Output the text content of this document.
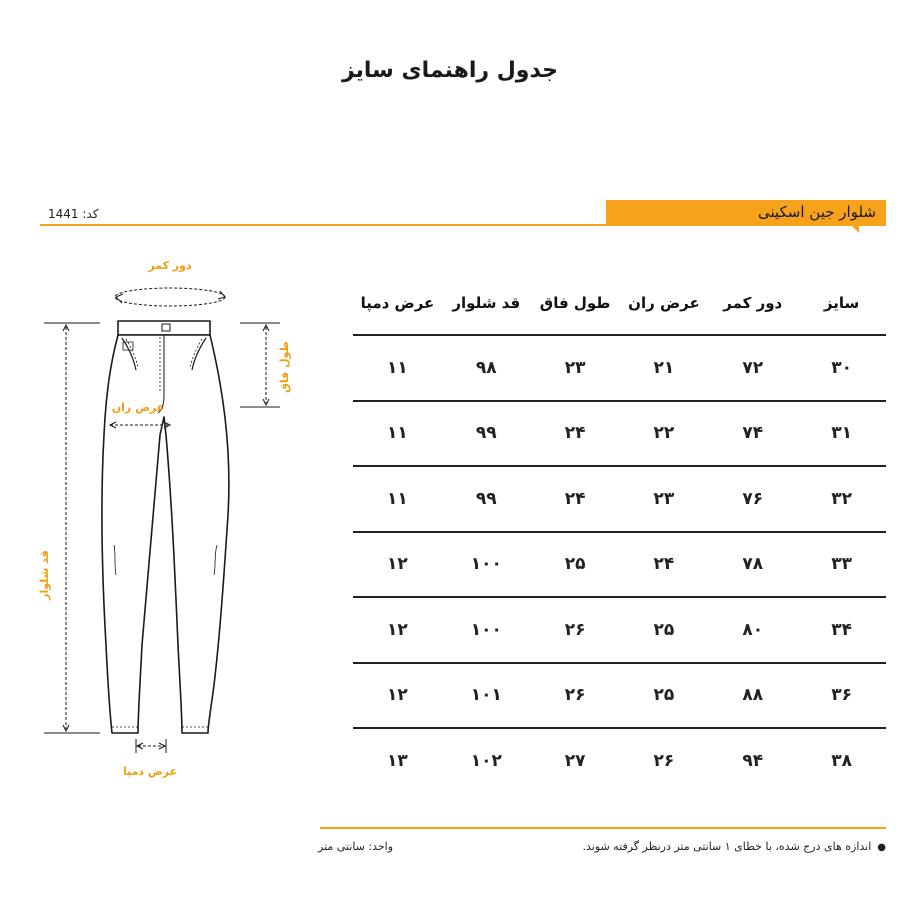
جدول راهنمای سایز
کد: 1441	شلوار جین اسکینی
دور کمر
طول فاق
عرض ران
قد شلوار
عرض دمپا
سایز	دور کمر	عرض ران	طول فاق	قد شلوار	عرض دمپا
۳۰	۷۲	۲۱	۲۳	۹۸	۱۱
۳۱	۷۴	۲۲	۲۴	۹۹	۱۱
۳۲	۷۶	۲۳	۲۴	۹۹	۱۱
۳۳	۷۸	۲۴	۲۵	۱۰۰	۱۲
۳۴	۸۰	۲۵	۲۶	۱۰۰	۱۲
۳۶	۸۸	۲۵	۲۶	۱۰۱	۱۲
۳۸	۹۴	۲۶	۲۷	۱۰۲	۱۳
●اندازه های درج شده، با خطای ۱ سانتی متر درنظر گرفته شوند.
واحد: سانتی متر
